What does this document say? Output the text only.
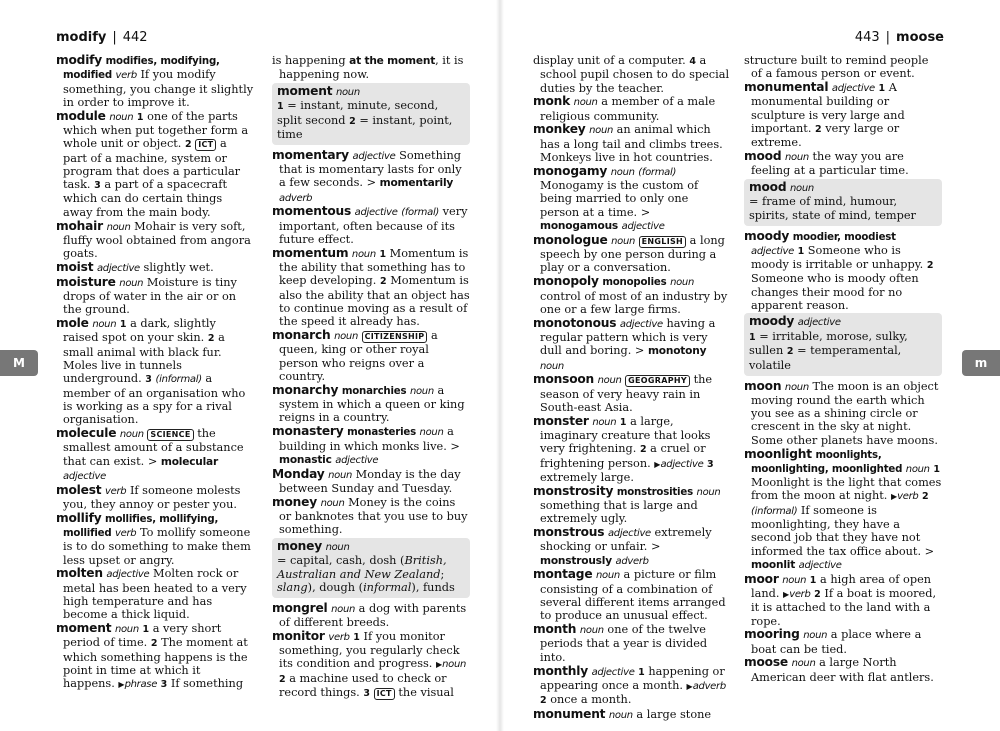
modify | 442

modify modifies, modifying, modified verb If you modify something, you change it slightly in order to improve it.

module noun 1 one of the parts which when put together form a whole unit or object. 2 ICT a part of a machine, system or program that does a particular task. 3 a part of a spacecraft which can do certain things away from the main body.

mohair noun Mohair is very soft, fluffy wool obtained from angora goats.

moist adjective slightly wet.

moisture noun Moisture is tiny drops of water in the air or on the ground.

mole noun 1 a dark, slightly raised spot on your skin. 2 a small animal with black fur. Moles live in tunnels underground. 3 (informal) a member of an organisation who is working as a spy for a rival organisation.

molecule noun SCIENCE the smallest amount of a substance that can exist. > molecular adjective

molest verb If someone molests you, they annoy or pester you.

mollify mollifies, mollifying, mollified verb To mollify someone is to do something to make them less upset or angry.

molten adjective Molten rock or metal has been heated to a very high temperature and has become a thick liquid.

moment noun 1 a very short period of time. 2 The moment at which something happens is the point in time at which it happens. ▶phrase 3 If something

is happening at the moment, it is happening now.

moment noun

1 = instant, minute, second, split second 2 = instant, point, time

momentary adjective Something that is momentary lasts for only a few seconds. > momentarily adverb

momentous adjective (formal) very important, often because of its future effect.

momentum noun 1 Momentum is the ability that something has to keep developing. 2 Momentum is also the ability that an object has to continue moving as a result of the speed it already has.

monarch noun CITIZENSHIP a queen, king or other royal person who reigns over a country.

monarchy monarchies noun a system in which a queen or king reigns in a country.

monastery monasteries noun a building in which monks live. > monastic adjective

Monday noun Monday is the day between Sunday and Tuesday.

money noun Money is the coins or banknotes that you use to buy something.

money noun

= capital, cash, dosh (British, Australian and New Zealand; slang), dough (informal), funds

mongrel noun a dog with parents of different breeds.

monitor verb 1 If you monitor something, you regularly check its condition and progress. ▶noun 2 a machine used to check or record things. 3 ICT the visual

M
443 | moose

display unit of a computer. 4 a school pupil chosen to do special duties by the teacher.

monk noun a member of a male religious community.

monkey noun an animal which has a long tail and climbs trees. Monkeys live in hot countries.

monogamy noun (formal) Monogamy is the custom of being married to only one person at a time. > monogamous adjective

monologue noun ENGLISH a long speech by one person during a play or a conversation.

monopoly monopolies noun control of most of an industry by one or a few large firms.

monotonous adjective having a regular pattern which is very dull and boring. > monotony noun

monsoon noun GEOGRAPHY the season of very heavy rain in South-east Asia.

monster noun 1 a large, imaginary creature that looks very frightening. 2 a cruel or frightening person. ▶adjective 3 extremely large.

monstrosity monstrosities noun something that is large and extremely ugly.

monstrous adjective extremely shocking or unfair. > monstrously adverb

montage noun a picture or film consisting of a combination of several different items arranged to produce an unusual effect.

month noun one of the twelve periods that a year is divided into.

monthly adjective 1 happening or appearing once a month. ▶adverb 2 once a month.

monument noun a large stone

structure built to remind people of a famous person or event.

monumental adjective 1 A monumental building or sculpture is very large and important. 2 very large or extreme.

mood noun the way you are feeling at a particular time.

mood noun

= frame of mind, humour, spirits, state of mind, temper

moody moodier, moodiest adjective 1 Someone who is moody is irritable or unhappy. 2 Someone who is moody often changes their mood for no apparent reason.

moody adjective

1 = irritable, morose, sulky, sullen 2 = temperamental, volatile

moon noun The moon is an object moving round the earth which you see as a shining circle or crescent in the sky at night. Some other planets have moons.

moonlight moonlights, moonlighting, moonlighted noun 1 Moonlight is the light that comes from the moon at night. ▶verb 2 (informal) If someone is moonlighting, they have a second job that they have not informed the tax office about. > moonlit adjective

moor noun 1 a high area of open land. ▶verb 2 If a boat is moored, it is attached to the land with a rope.

mooring noun a place where a boat can be tied.

moose noun a large North American deer with flat antlers.

m
